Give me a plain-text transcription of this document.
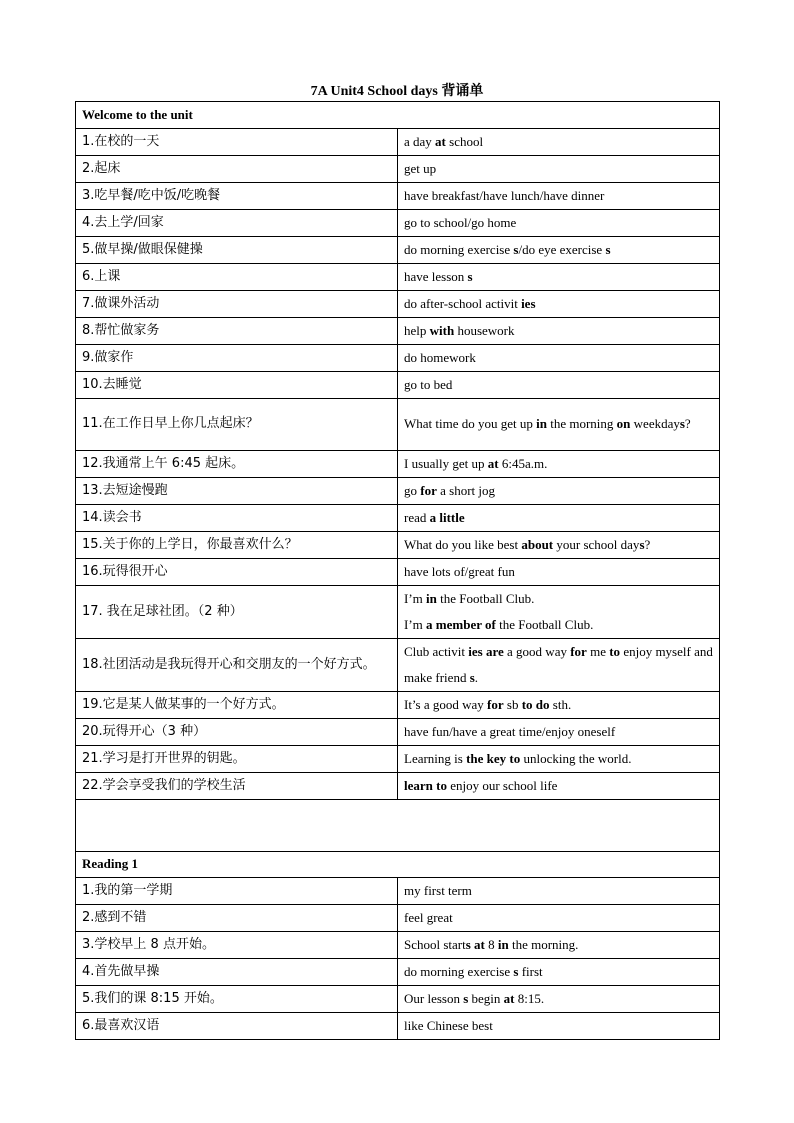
7A Unit4 School days 背诵单
Welcome to the unit	
1.在校的一天	a day at school
2.起床	get up
3.吃早餐/吃中饭/吃晚餐	have breakfast/have lunch/have dinner
4.去上学/回家	go to school/go home
5.做早操/做眼保健操	do morning exercise s/do eye exercise s
6.上课	have lesson s
7.做课外活动	do after-school activit ies
8.帮忙做家务	help with housework
9.做家作	do homework
10.去睡觉	go to bed
11.在工作日早上你几点起床？	What time do you get up in the morning on weekdays?
12.我通常上午 6:45 起床。	I usually get up at 6:45a.m.
13.去短途慢跑	go for a short jog
14.读会书	read a little
15.关于你的上学日，你最喜欢什么？	What do you like best about your school days?
16.玩得很开心	have lots of/great fun
17. 我在足球社团。（2 种）	I’m in the Football Club.
I’m a member of the Football Club.
18.社团活动是我玩得开心和交朋友的一个好方式。	Club activit ies are a good way for me to enjoy myself and make friend s.
19.它是某人做某事的一个好方式。	It’s a good way for sb to do sth.
20.玩得开心（3 种）	have fun/have a great time/enjoy oneself
21.学习是打开世界的钥匙。	Learning is the key to unlocking the world.
22.学会享受我们的学校生活	learn to enjoy our school life

Reading 1	
1.我的第一学期	my first term
2.感到不错	feel great
3.学校早上 8 点开始。	School starts at 8 in the morning.
4.首先做早操	do morning exercise s first
5.我们的课 8:15 开始。	Our lesson s begin at 8:15.
6.最喜欢汉语	like Chinese best
